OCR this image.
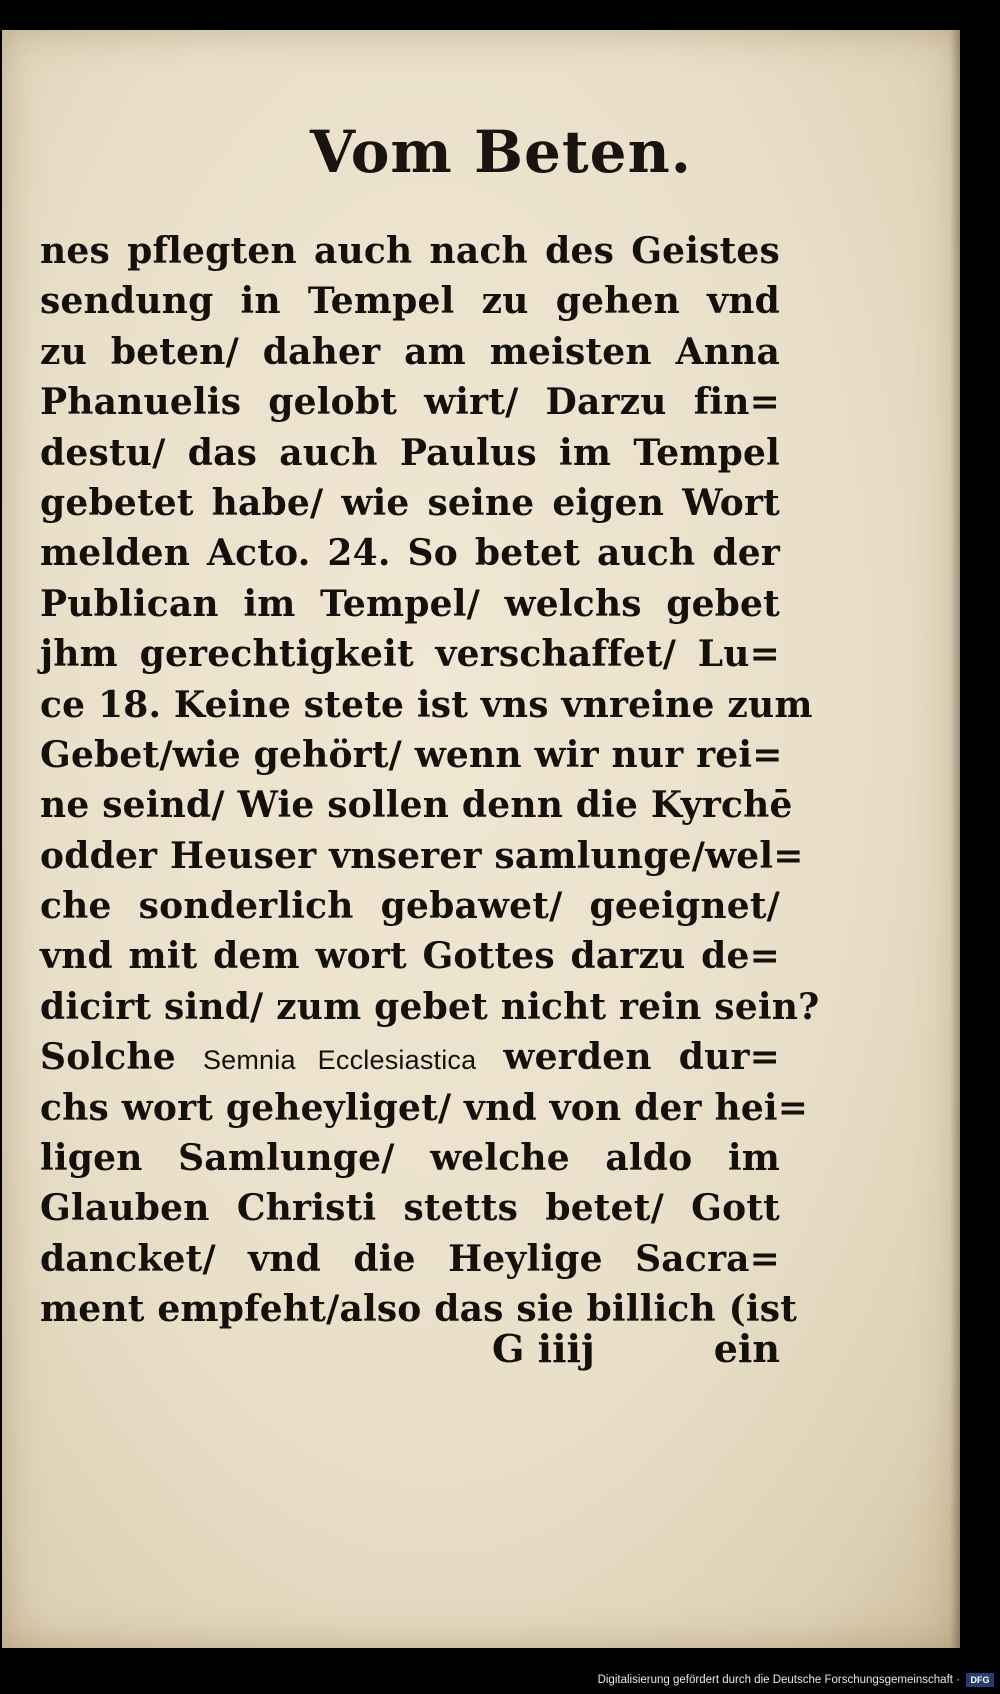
Vom Beten.
nes pflegten auch nach des Geistes
sendung in Tempel zu gehen vnd
zu beten/ daher am meisten Anna
Phanuelis gelobt wirt/ Darzu fin=
destu/ das auch Paulus im Tempel
gebetet habe/ wie seine eigen Wort
melden Acto. 24. So betet auch der
Publican im Tempel/ welchs gebet
jhm gerechtigkeit verschaffet/ Lu=
ce 18. Keine stete ist vns vnreine zum
Gebet/wie gehört/ wenn wir nur rei=
ne seind/ Wie sollen denn die Kyrchē
odder Heuser vnserer samlunge/wel=
che sonderlich gebawet/ geeignet/
vnd mit dem wort Gottes darzu de=
dicirt sind/ zum gebet nicht rein sein?
Solche Semnia Ecclesiastica werden dur=
chs wort geheyliget/ vnd von der hei=
ligen Samlunge/ welche aldo im
Glauben Christi stetts betet/ Gott
dancket/ vnd die Heylige Sacra=
ment empfeht/also das sie billich (ist
G iiij	ein
Digitalisierung gefördert durch die Deutsche Forschungsgemeinschaft ·	DFG
